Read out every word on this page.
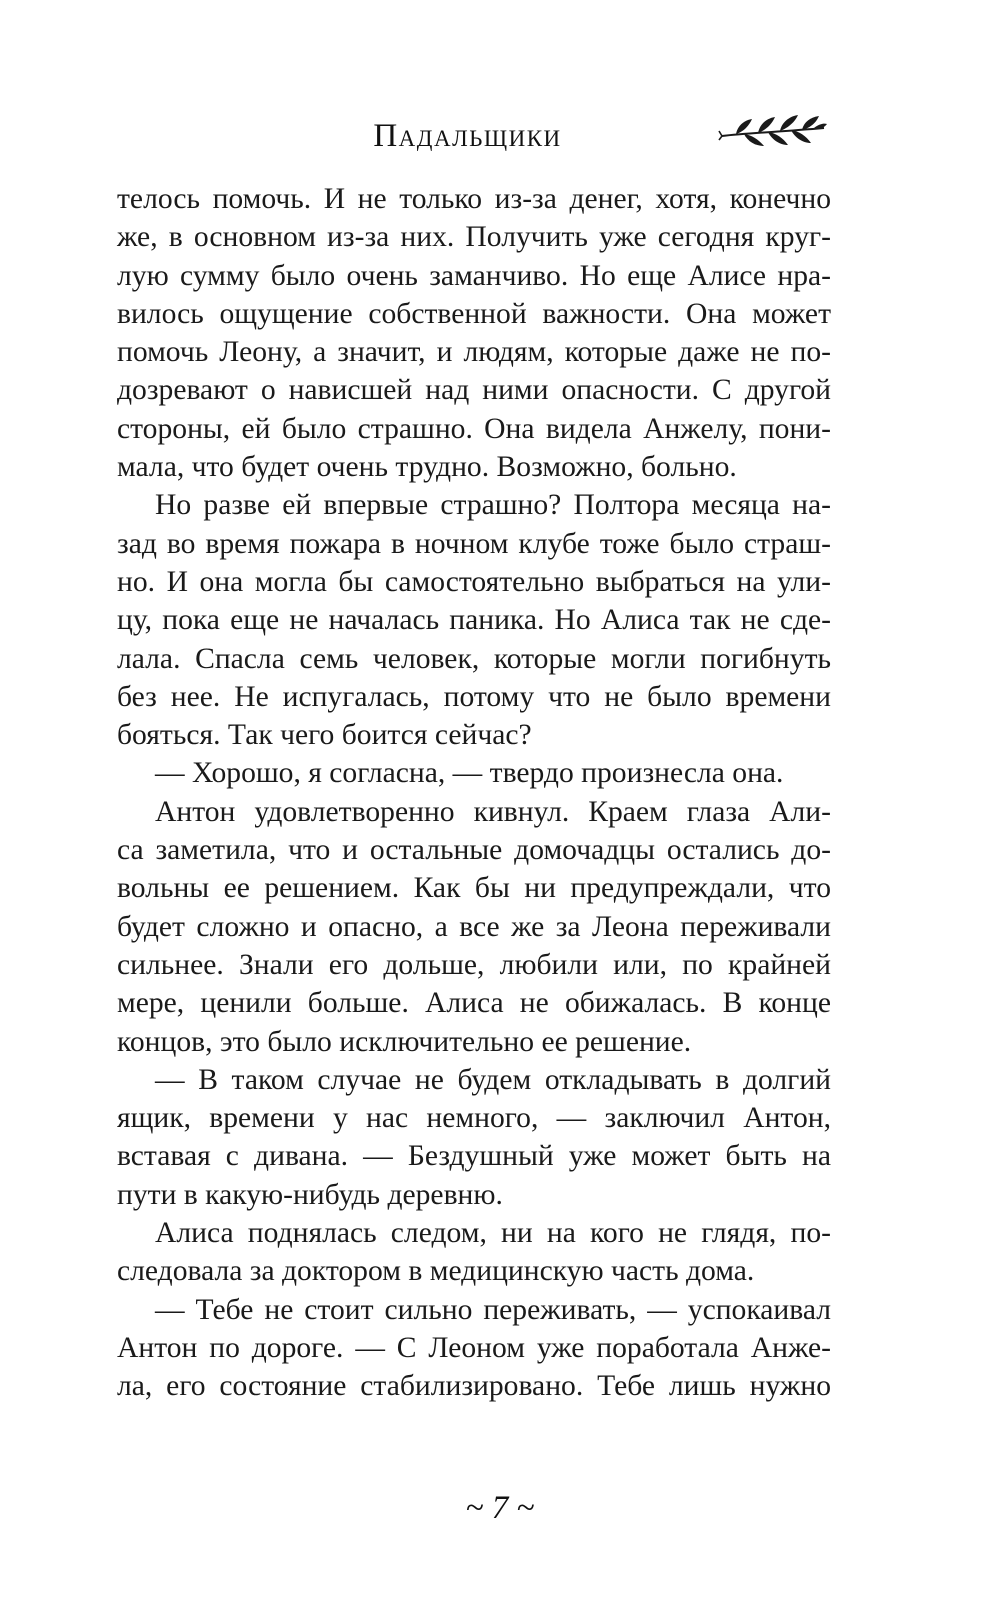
Падальщики
телось помочь. И не только из-за денег, хотя, конечно
же, в основном из-за них. Получить уже сегодня круг-
лую сумму было очень заманчиво. Но еще Алисе нра-
вилось ощущение собственной важности. Она может
помочь Леону, а значит, и людям, которые даже не по-
дозревают о нависшей над ними опасности. С другой
стороны, ей было страшно. Она видела Анжелу, пони-
мала, что будет очень трудно. Возможно, больно.
Но разве ей впервые страшно? Полтора месяца на-
зад во время пожара в ночном клубе тоже было страш-
но. И она могла бы самостоятельно выбраться на ули-
цу, пока еще не началась паника. Но Алиса так не сде-
лала. Спасла семь человек, которые могли погибнуть
без нее. Не испугалась, потому что не было времени
бояться. Так чего боится сейчас?
— Хорошо, я согласна, — твердо произнесла она.
Антон удовлетворенно кивнул. Краем глаза Али-
са заметила, что и остальные домочадцы остались до-
вольны ее решением. Как бы ни предупреждали, что
будет сложно и опасно, а все же за Леона переживали
сильнее. Знали его дольше, любили или, по крайней
мере, ценили больше. Алиса не обижалась. В конце
концов, это было исключительно ее решение.
— В таком случае не будем откладывать в долгий
ящик, времени у нас немного, — заключил Антон,
вставая с дивана. — Бездушный уже может быть на
пути в какую-нибудь деревню.
Алиса поднялась следом, ни на кого не глядя, по-
следовала за доктором в медицинскую часть дома.
— Тебе не стоит сильно переживать, — успокаивал
Антон по дороге. — С Леоном уже поработала Анже-
ла, его состояние стабилизировано. Тебе лишь нужно
~ 7 ~
